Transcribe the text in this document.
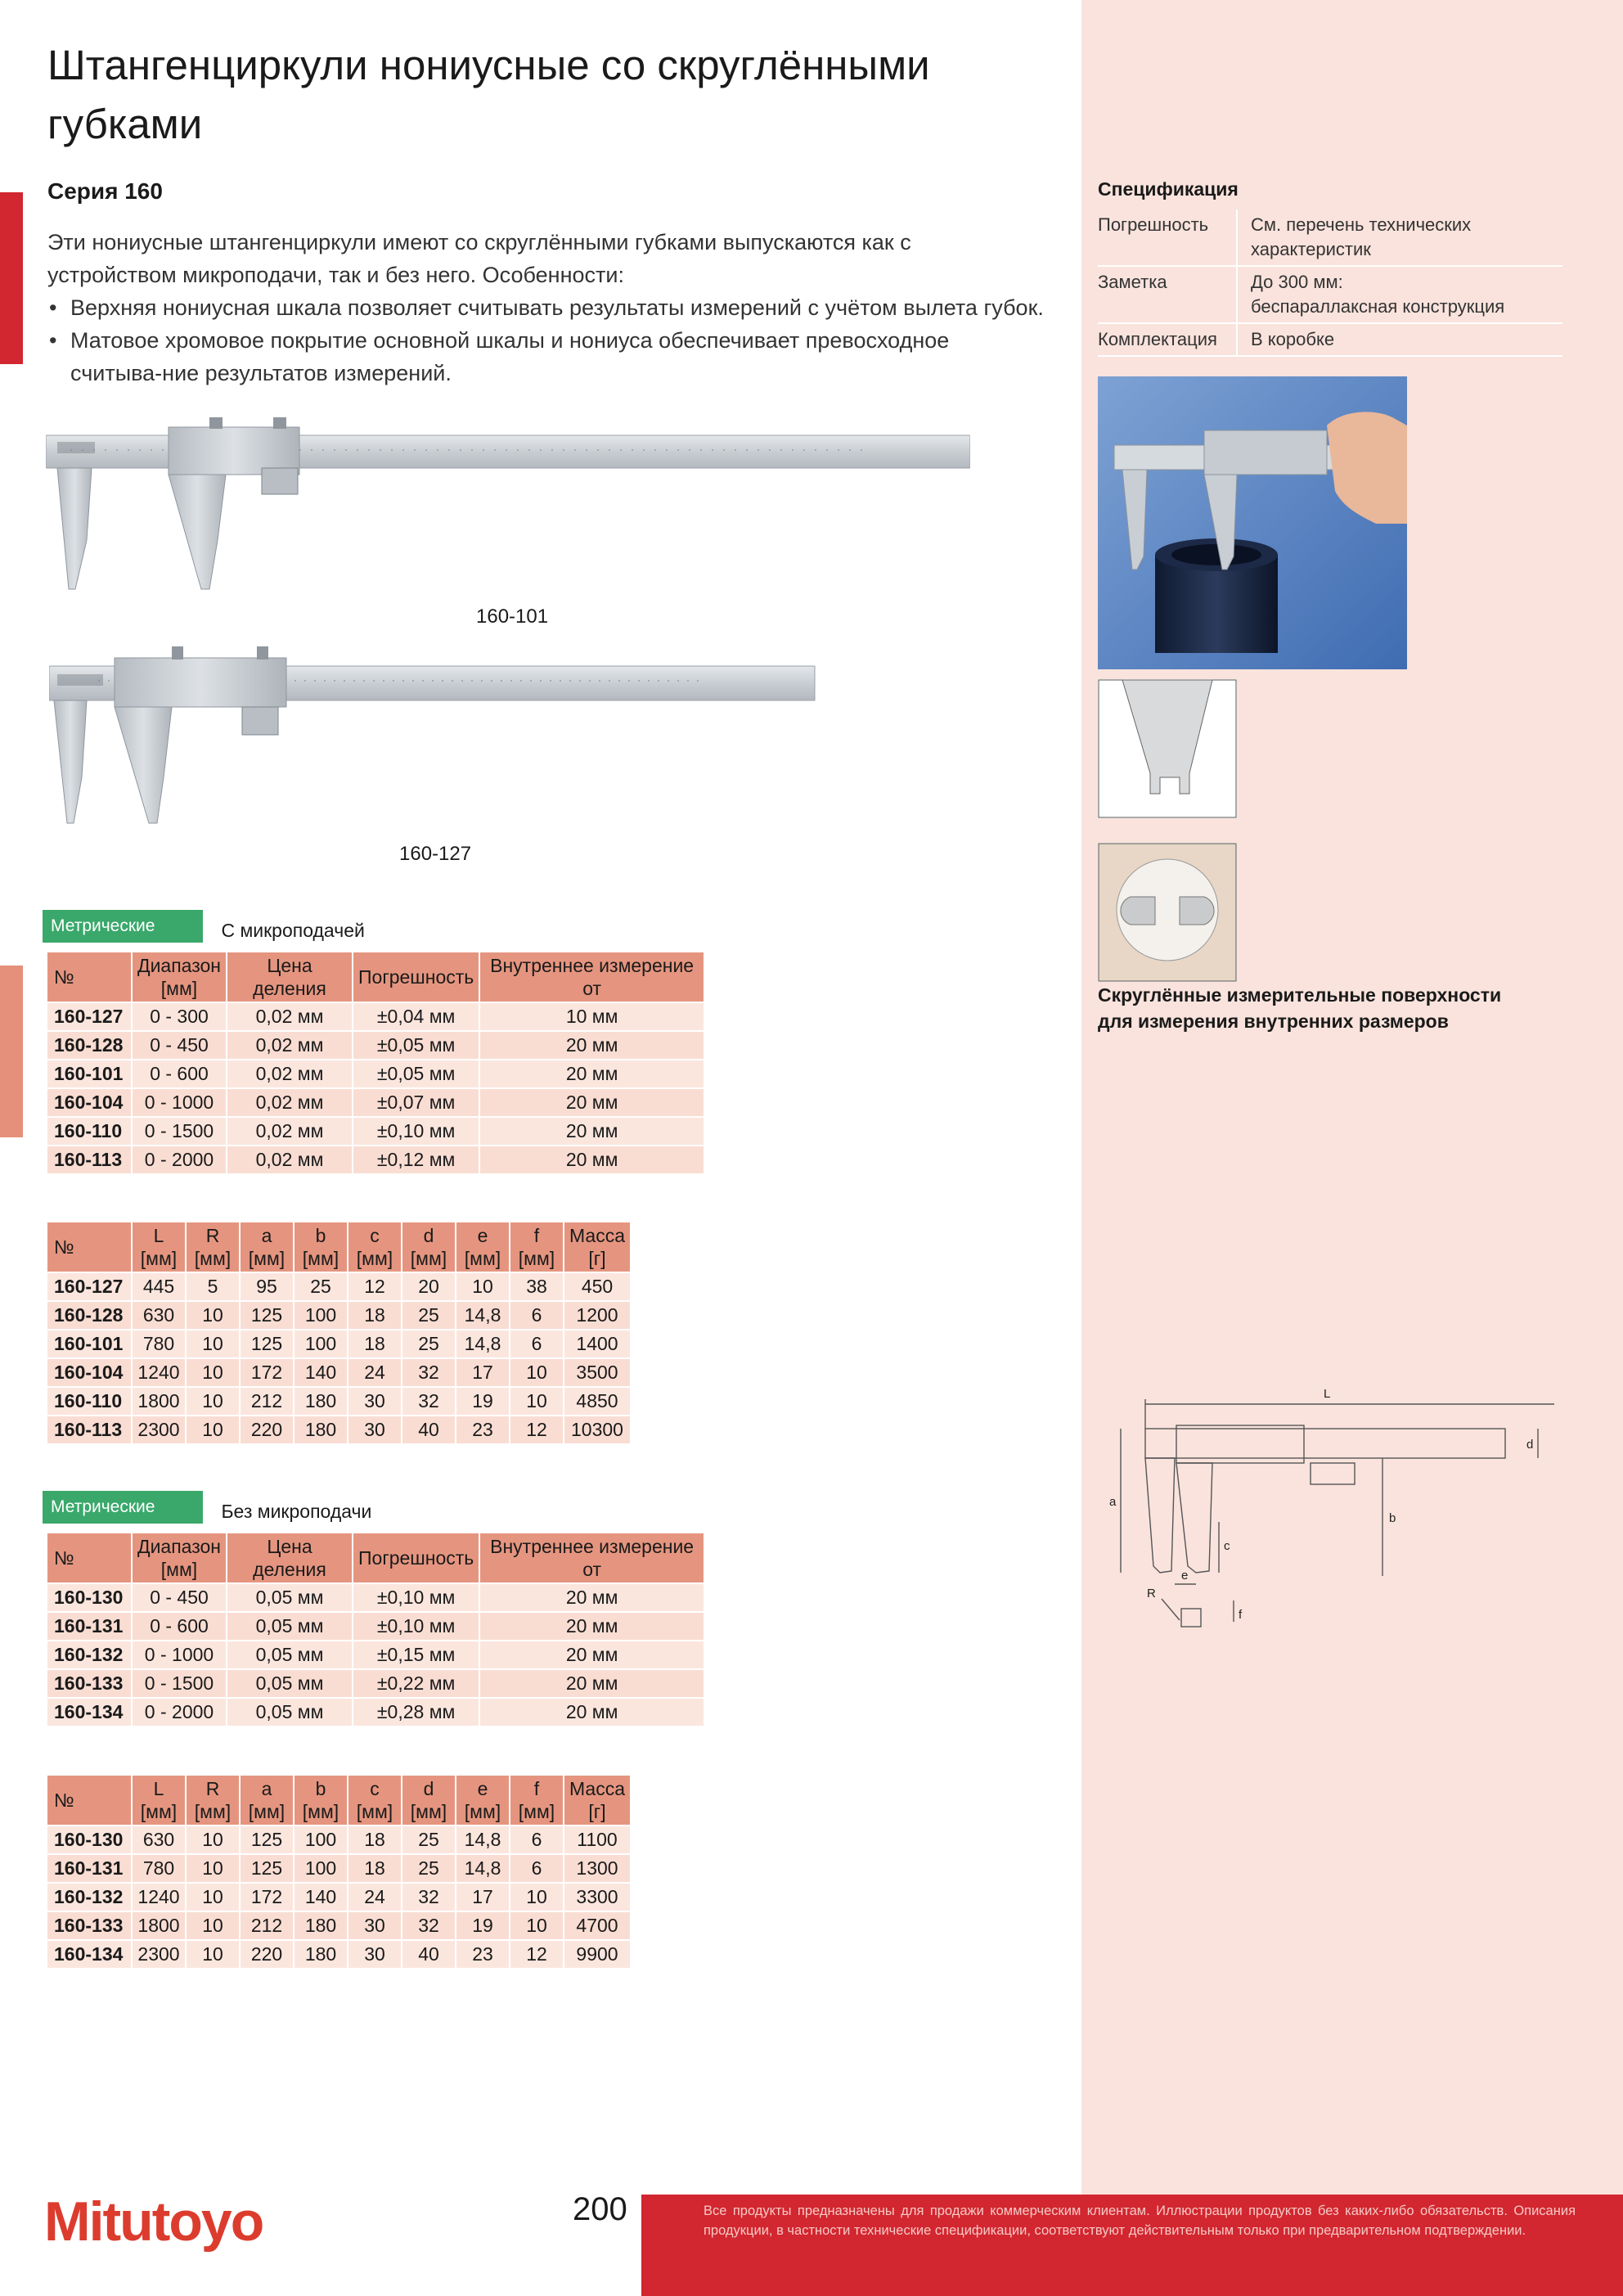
Штангенциркули нониусные со скруглёнными губками
Серия 160

Эти нониусные штангенциркули имеют со скруглёнными губками выпускаются как с устройством микроподачи, так и без него. Особенности:

• Верхняя нониусная шкала позволяет считывать результаты измерений с учётом вылета губок.
• Матовое хромовое покрытие основной шкалы и нониуса обеспечивает превосходное считыва-ние результатов измерений.
160-101
160-127
Метрические	С микроподачей
№	Диапазон [мм]	Цена деления	Погрешность	Внутреннее измерение от
160-127	0 - 300	0,02 мм	±0,04 мм	10 мм
160-128	0 - 450	0,02 мм	±0,05 мм	20 мм
160-101	0 - 600	0,02 мм	±0,05 мм	20 мм
160-104	0 - 1000	0,02 мм	±0,07 мм	20 мм
160-110	0 - 1500	0,02 мм	±0,10 мм	20 мм
160-113	0 - 2000	0,02 мм	±0,12 мм	20 мм
№	L [мм]	R [мм]	a [мм]	b [мм]	c [мм]	d [мм]	e [мм]	f [мм]	Масса [г]
160-127	445	5	95	25	12	20	10	38	450
160-128	630	10	125	100	18	25	14,8	6	1200
160-101	780	10	125	100	18	25	14,8	6	1400
160-104	1240	10	172	140	24	32	17	10	3500
160-110	1800	10	212	180	30	32	19	10	4850
160-113	2300	10	220	180	30	40	23	12	10300
Метрические	Без микроподачи
№	Диапазон [мм]	Цена деления	Погрешность	Внутреннее измерение от
160-130	0 - 450	0,05 мм	±0,10 мм	20 мм
160-131	0 - 600	0,05 мм	±0,10 мм	20 мм
160-132	0 - 1000	0,05 мм	±0,15 мм	20 мм
160-133	0 - 1500	0,05 мм	±0,22 мм	20 мм
160-134	0 - 2000	0,05 мм	±0,28 мм	20 мм
№	L [мм]	R [мм]	a [мм]	b [мм]	c [мм]	d [мм]	e [мм]	f [мм]	Масса [г]
160-130	630	10	125	100	18	25	14,8	6	1100
160-131	780	10	125	100	18	25	14,8	6	1300
160-132	1240	10	172	140	24	32	17	10	3300
160-133	1800	10	212	180	30	32	19	10	4700
160-134	2300	10	220	180	30	40	23	12	9900
Спецификация
Погрешность	См. перечень технических
характеристик

Заметка	До 300 мм:
беспараллаксная конструкция

Комплектация	В коробке
Скруглённые измерительные поверхности
для измерения внутренних размеров
L
a
b
c
d
e
f
R
Mitutoyo	200	Все продукты предназначены для продажи коммерческим клиентам. Иллюстрации продуктов без каких-либо обязательств. Описания продукции, в частности технические спецификации, соответствуют действительным только при предварительном подтверждении.
